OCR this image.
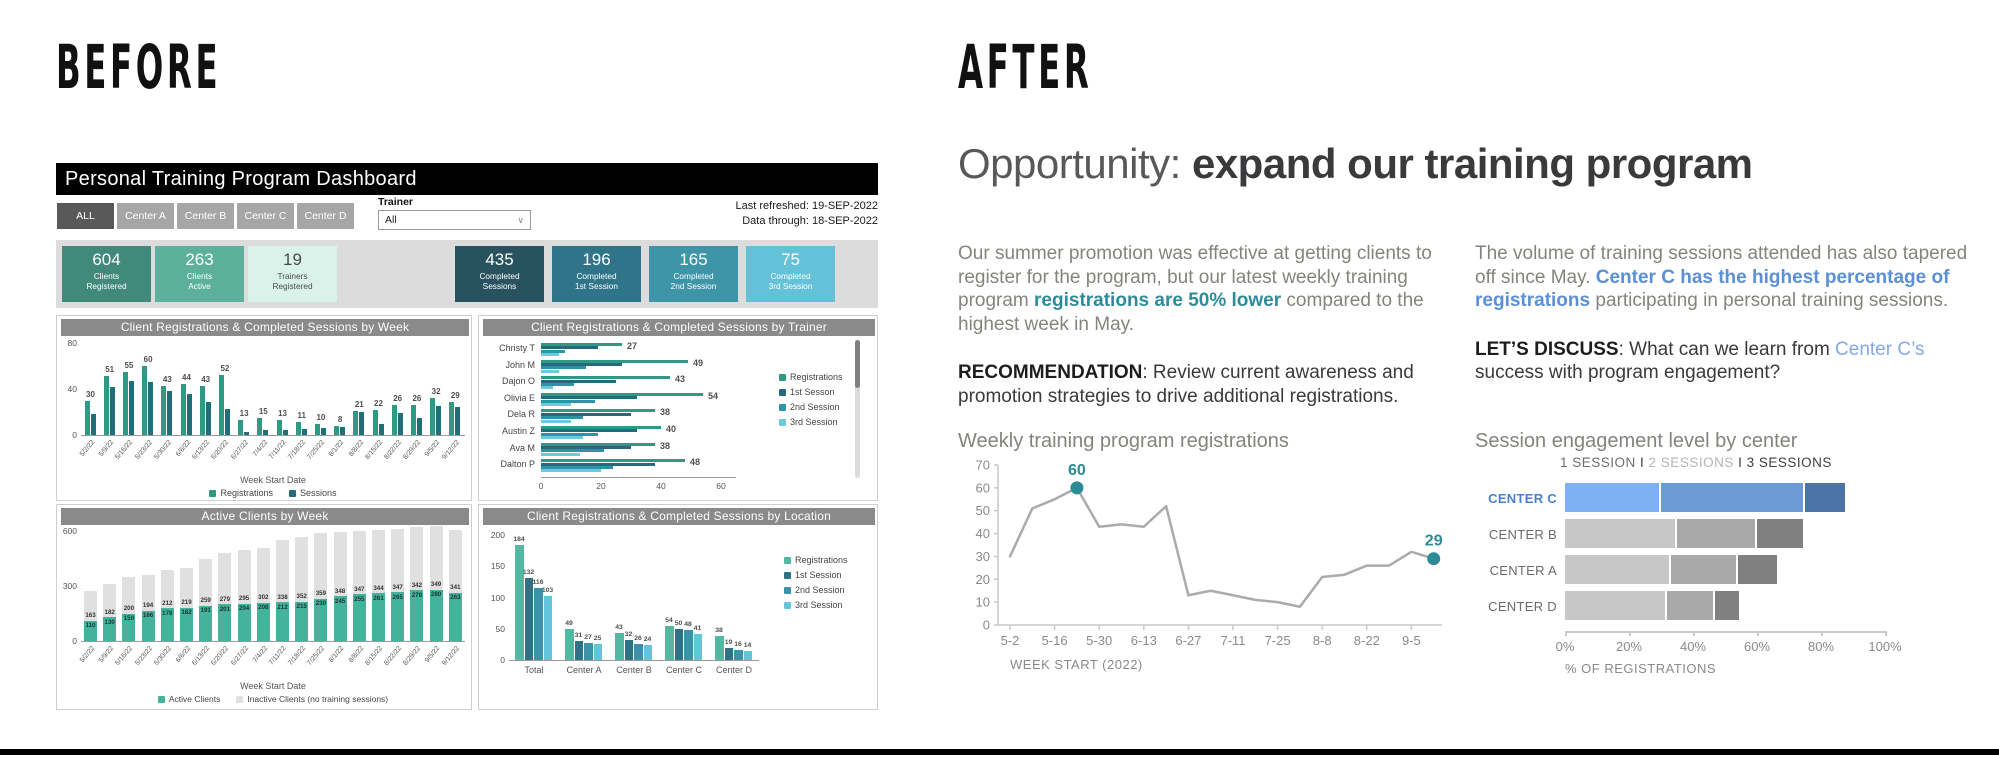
BEFORE
Personal Training Program Dashboard
ALL	Center A	Center B	Center C	Center D
Trainer
All	∨
Last refreshed: 19-SEP-2022
Data through: 18-SEP-2022
604
Clients
Registered
263
Clients
Active
19
Trainers
Registered
435
Completed
Sessions
196
Completed
1st Session
165
Completed
2nd Session
75
Completed
3rd Session
Client Registrations & Completed Sessions by Week
30
51
55
60
43	44	43
52
13	15	13	11	10	8
21	22
26	26
32	29
80
40
0
5/2/22 5/9/22 5/16/22 5/23/22 5/30/22 6/6/22 6/13/22 6/20/22 6/27/22 7/4/22 7/11/22 7/18/22 7/25/22 8/1/22 8/8/22 8/15/22 8/22/22 8/29/22 9/5/22 9/12/22
Week Start Date
Registrations	Sessions
Client Registrations & Completed Sessions by Trainer
Christy T	27
John M	49
Dajon O	43
Olivia E	54
Dela R	38
Austin Z	40
Ava M	38
Dalton P	48
0	20	40	60
Registrations
1st Sesson
2nd Session
3rd Session
Active Clients by Week
163
110
182
130
200
150
194
166
212
178
219
182
259
191
279
201
295
204
302
208
338
212
352
215
359
230
348
245
347
255
344
261
347
265
342
278
349
280
341
263
600
300
0
5/2/22 5/9/22 5/16/22 5/23/22 5/30/22 6/6/22 6/13/22 6/20/22 6/27/22 7/4/22 7/11/22 7/18/22 7/25/22 8/1/22 8/8/22 8/15/22 8/22/22 8/29/22 9/5/22 9/12/22
Week Start Date
Active Clients	Inactive Clients (no training sessions)
Client Registrations & Completed Sessions by Location
184
132
116
103
49
31 27 25
43
32
26 24
54 50 48
41	38
19 16 14
200
150
100
50
0
Total	Center A	Center B	Center C	Center D
Registrations
1st Session
2nd Session
3rd Session
AFTER
Opportunity: expand our training program

Our summer promotion was effective at getting clients to register for the program, but our latest weekly training program registrations are 50% lower compared to the highest week in May.

RECOMMENDATION: Review current awareness and promotion strategies to drive additional registrations.

The volume of training sessions attended has also tapered off since May. Center C has the highest percentage of registrations participating in personal training sessions.

LET’S DISCUSS: What can we learn from Center C’s success with program engagement?

Weekly training program registrations	Session engagement level by center
0
10
20
30
40
50
60
70
5-2 5-16 5-30 6-13 6-27 7-11 7-25 8-8 8-22 9-5
60
29
WEEK START (2022)
1 SESSION I 2 SESSIONS I 3 SESSIONS
CENTER C
CENTER B
CENTER A
CENTER D
0%	20%	40%	60%	80%	100%
% OF REGISTRATIONS
